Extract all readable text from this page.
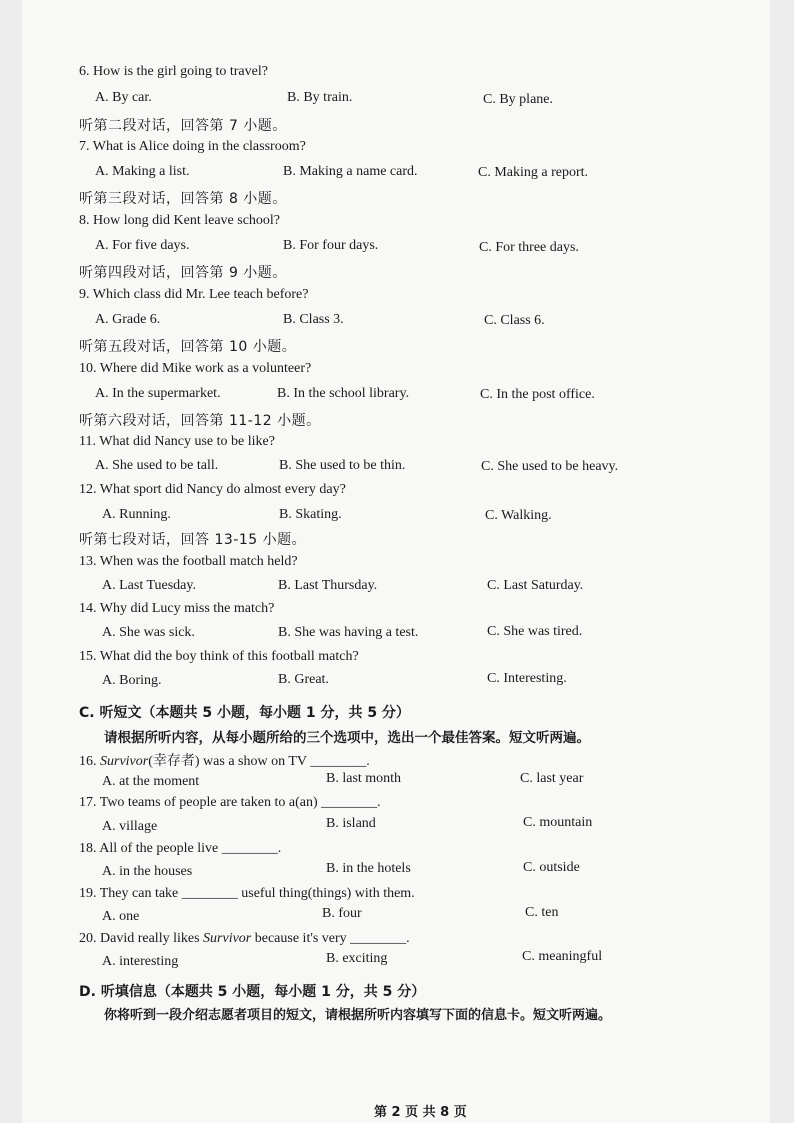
6. How is the girl going to travel?
A. By car.	B. By train.	C. By plane.
听第二段对话，回答第 7 小题。
7. What is Alice doing in the classroom?
A. Making a list.	B. Making a name card.	C. Making a report.
听第三段对话，回答第 8 小题。
8. How long did Kent leave school?
A. For five days.	B. For four days.	C. For three days.
听第四段对话，回答第 9 小题。
9. Which class did Mr. Lee teach before?
A. Grade 6.	B. Class 3.	C. Class 6.
听第五段对话，回答第 10 小题。
10. Where did Mike work as a volunteer?
A. In the supermarket.	B. In the school library.	C. In the post office.
听第六段对话，回答第 11-12 小题。
11. What did Nancy use to be like?
A. She used to be tall.	B. She used to be thin.	C. She used to be heavy.
12. What sport did Nancy do almost every day?
A. Running.	B. Skating.	C. Walking.
听第七段对话，回答 13-15 小题。
13. When was the football match held?
A. Last Tuesday.	B. Last Thursday.	C. Last Saturday.
14. Why did Lucy miss the match?
A. She was sick.	B. She was having a test.	C. She was tired.
15. What did the boy think of this football match?
A. Boring.	B. Great.	C. Interesting.
C. 听短文（本题共 5 小题，每小题 1 分，共 5 分）
请根据所听内容，从每小题所给的三个选项中，选出一个最佳答案。短文听两遍。
16. Survivor(幸存者) was a show on TV ________.
A. at the moment	B. last month	C. last year
17. Two teams of people are taken to a(an) ________.
A. village	B. island	C. mountain
18. All of the people live ________.
A. in the houses	B. in the hotels	C. outside
19. They can take ________ useful thing(things) with them.
A. one	B. four	C. ten
20. David really likes Survivor because it's very ________.
A. interesting	B. exciting	C. meaningful
D. 听填信息（本题共 5 小题，每小题 1 分，共 5 分）
你将听到一段介绍志愿者项目的短文，请根据所听内容填写下面的信息卡。短文听两遍。
第 2 页 共 8 页
